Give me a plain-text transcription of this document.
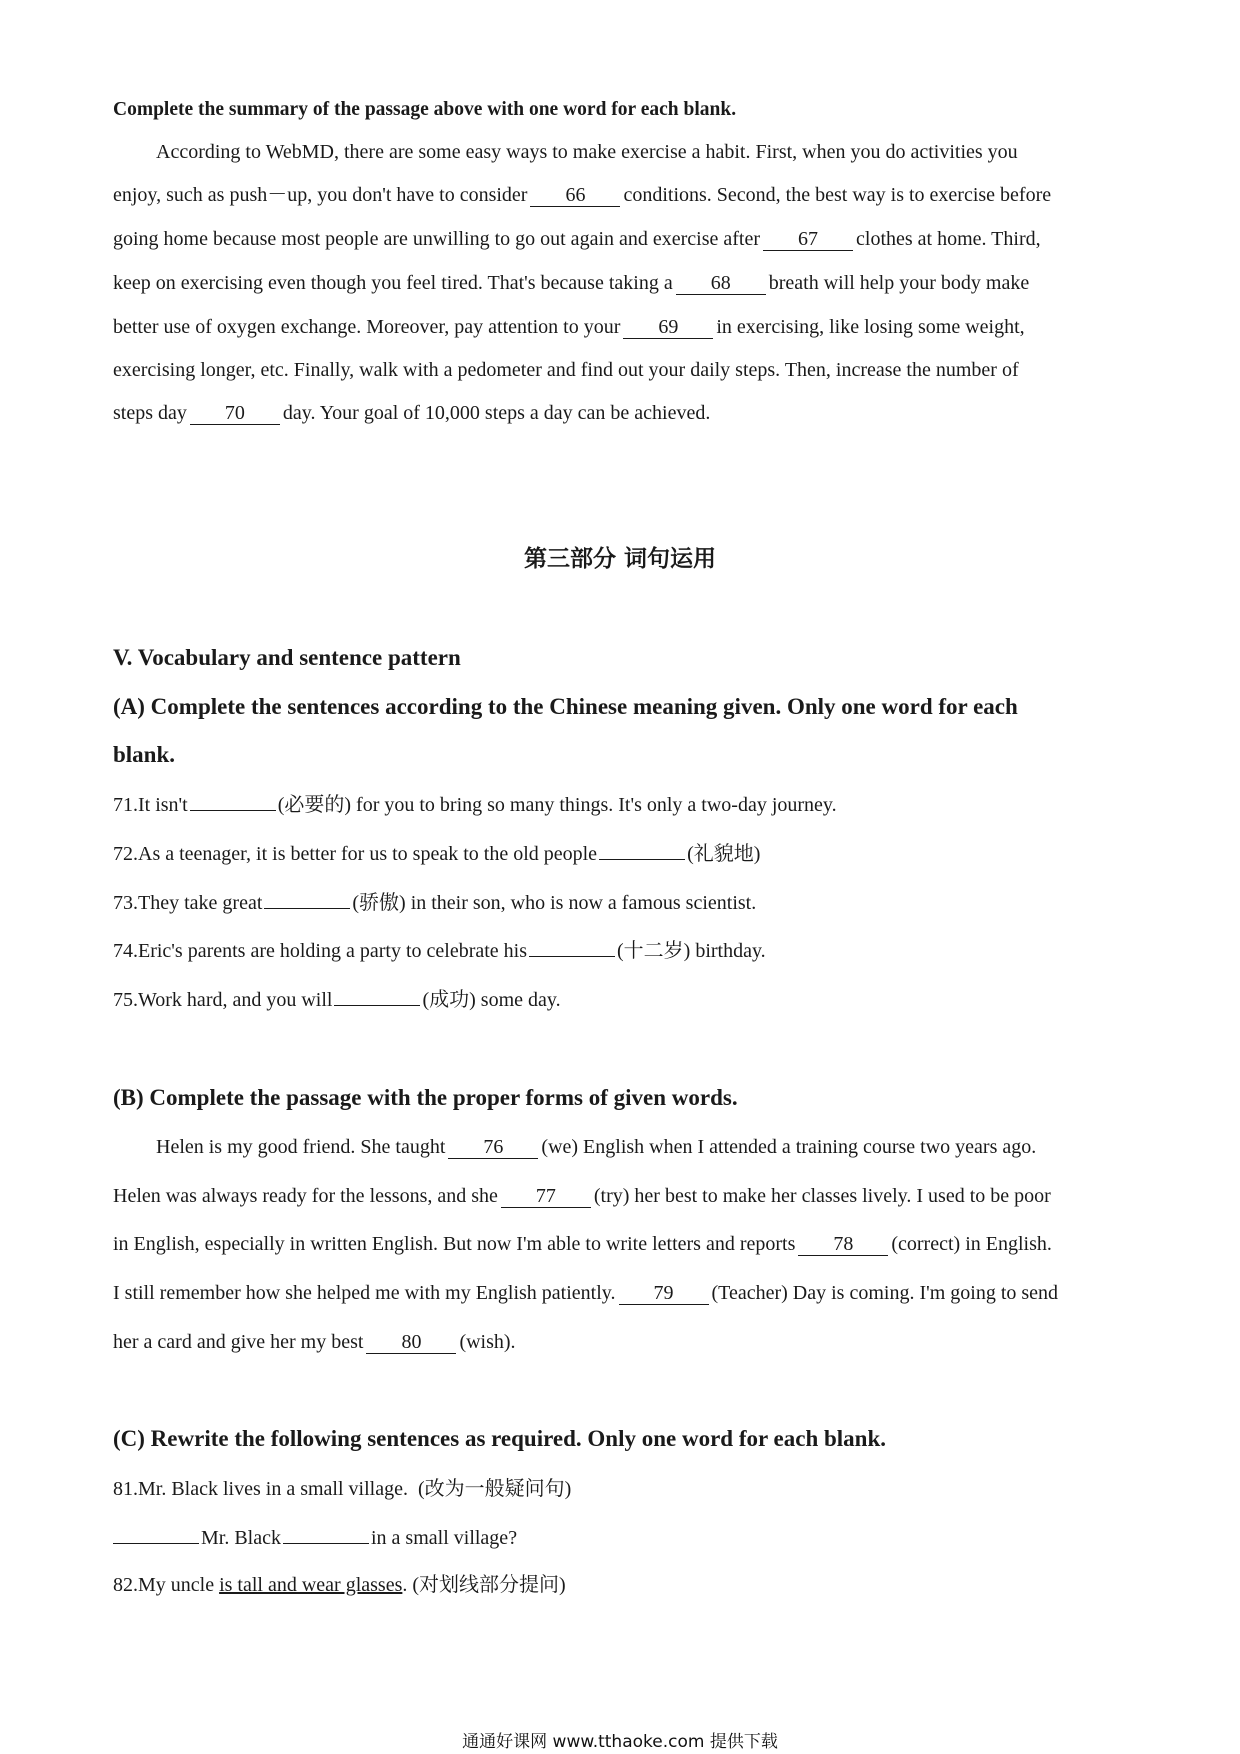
Complete the summary of the passage above with one word for each blank.
According to WebMD, there are some easy ways to make exercise a habit. First, when you do activities you
enjoy, such as push－up, you don't have to consider 66 conditions. Second, the best way is to exercise before
going home because most people are unwilling to go out again and exercise after 67 clothes at home. Third,
keep on exercising even though you feel tired. That's because taking a 68 breath will help your body make
better use of oxygen exchange. Moreover, pay attention to your 69 in exercising, like losing some weight,
exercising longer, etc. Finally, walk with a pedometer and find out your daily steps. Then, increase the number of
steps day 70 day. Your goal of 10,000 steps a day can be achieved.
第三部分 词句运用
V. Vocabulary and sentence pattern
(A) Complete the sentences according to the Chinese meaning given. Only one word for each
blank.
71.It isn't	(必要的) for you to bring so many things. It's only a two-day journey.
72.As a teenager, it is better for us to speak to the old people	(礼貌地)
73.They take great	(骄傲) in their son, who is now a famous scientist.
74.Eric's parents are holding a party to celebrate his	(十二岁) birthday.
75.Work hard, and you will	(成功) some day.
(B) Complete the passage with the proper forms of given words.
Helen is my good friend. She taught 76 (we) English when I attended a training course two years ago.
Helen was always ready for the lessons, and she 77 (try) her best to make her classes lively. I used to be poor
in English, especially in written English. But now I'm able to write letters and reports 78 (correct) in English.
I still remember how she helped me with my English patiently. 79 (Teacher) Day is coming. I'm going to send
her a card and give her my best 80 (wish).
(C) Rewrite the following sentences as required. Only one word for each blank.
81.Mr. Black lives in a small village. (改为一般疑问句)
Mr. Black	in a small village?
82.My uncle is tall and wear glasses. (对划线部分提问)
通通好课网 www.tthaoke.com 提供下载
